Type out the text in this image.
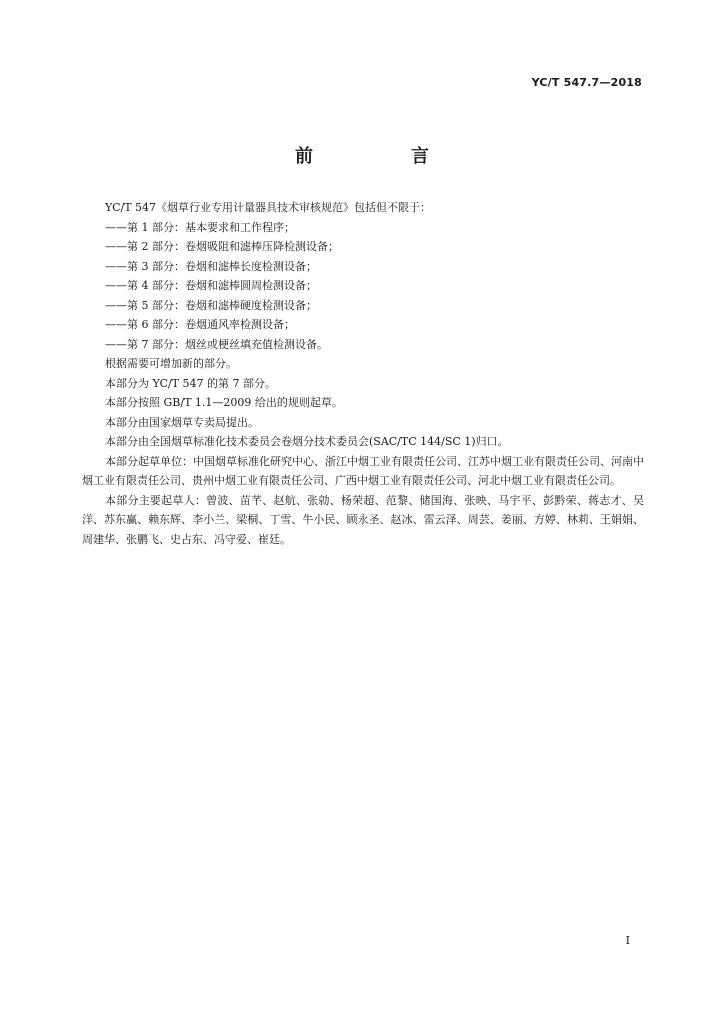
YC/T 547.7—2018
前　言
YC/T 547《烟草行业专用计量器具技术审核规范》包括但不限于：
——第 1 部分：基本要求和工作程序；
——第 2 部分：卷烟吸阻和滤棒压降检测设备；
——第 3 部分：卷烟和滤棒长度检测设备；
——第 4 部分：卷烟和滤棒圆周检测设备；
——第 5 部分：卷烟和滤棒硬度检测设备；
——第 6 部分：卷烟通风率检测设备；
——第 7 部分：烟丝或梗丝填充值检测设备。
根据需要可增加新的部分。
本部分为 YC/T 547 的第 7 部分。
本部分按照 GB/T 1.1—2009 给出的规则起草。
本部分由国家烟草专卖局提出。
本部分由全国烟草标准化技术委员会卷烟分技术委员会(SAC/TC 144/SC 1)归口。
本部分起草单位：中国烟草标准化研究中心、浙江中烟工业有限责任公司、江苏中烟工业有限责任公司、河南中烟工业有限责任公司、贵州中烟工业有限责任公司、广西中烟工业有限责任公司、河北中烟工业有限责任公司。
本部分主要起草人：曾波、苗芊、赵航、张勍、杨荣超、范黎、储国海、张映、马宇平、彭黔荣、蒋志才、吴洋、苏东赢、赖东辉、李小兰、梁桐、丁雪、牛小民、顾永圣、赵冰、雷云泽、周芸、姜丽、方婷、林莉、王娟娟、周建华、张鹏飞、史占东、冯守爱、崔廷。
I
